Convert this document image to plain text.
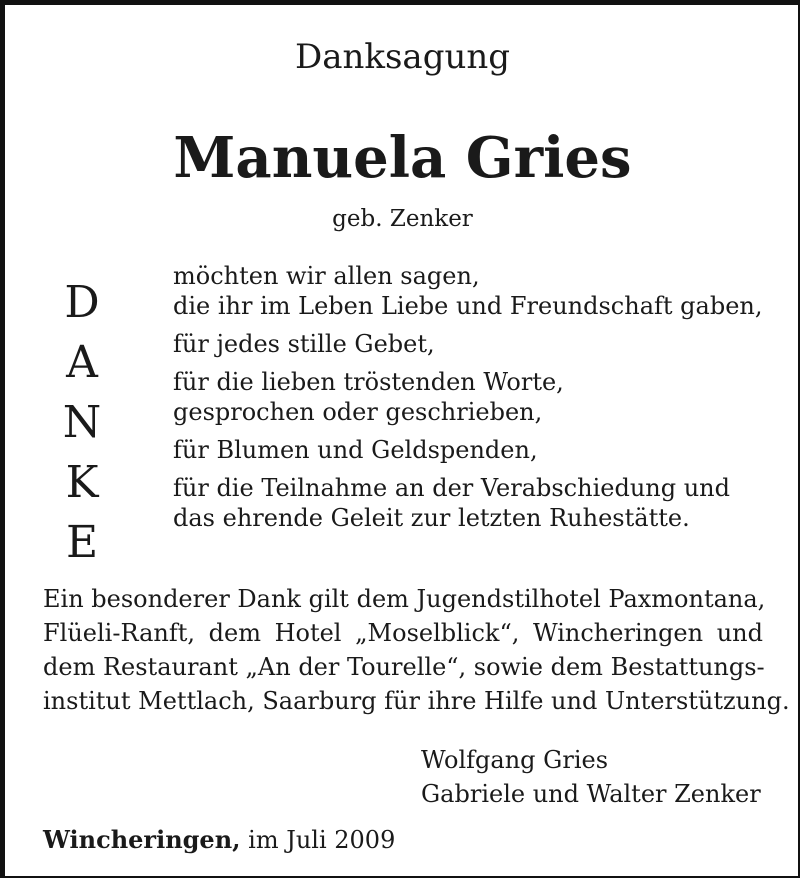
Danksagung
Manuela Gries
geb. Zenker
D
A
N
K
E

möchten wir allen sagen,
die ihr im Leben Liebe und Freundschaft gaben,

für jedes stille Gebet,

für die lieben tröstenden Worte,
gesprochen oder geschrieben,

für Blumen und Geldspenden,

für die Teilnahme an der Verabschiedung und
das ehrende Geleit zur letzten Ruhestätte.

Ein besonderer Dank gilt dem Jugendstilhotel Paxmontana,
Flüeli-Ranft, dem Hotel „Moselblick“, Wincheringen und
dem Restaurant „An der Tourelle“, sowie dem Bestattungs-
institut Mettlach, Saarburg für ihre Hilfe und Unterstützung.
Wolfgang Gries
Gabriele und Walter Zenker
Wincheringen, im Juli 2009
